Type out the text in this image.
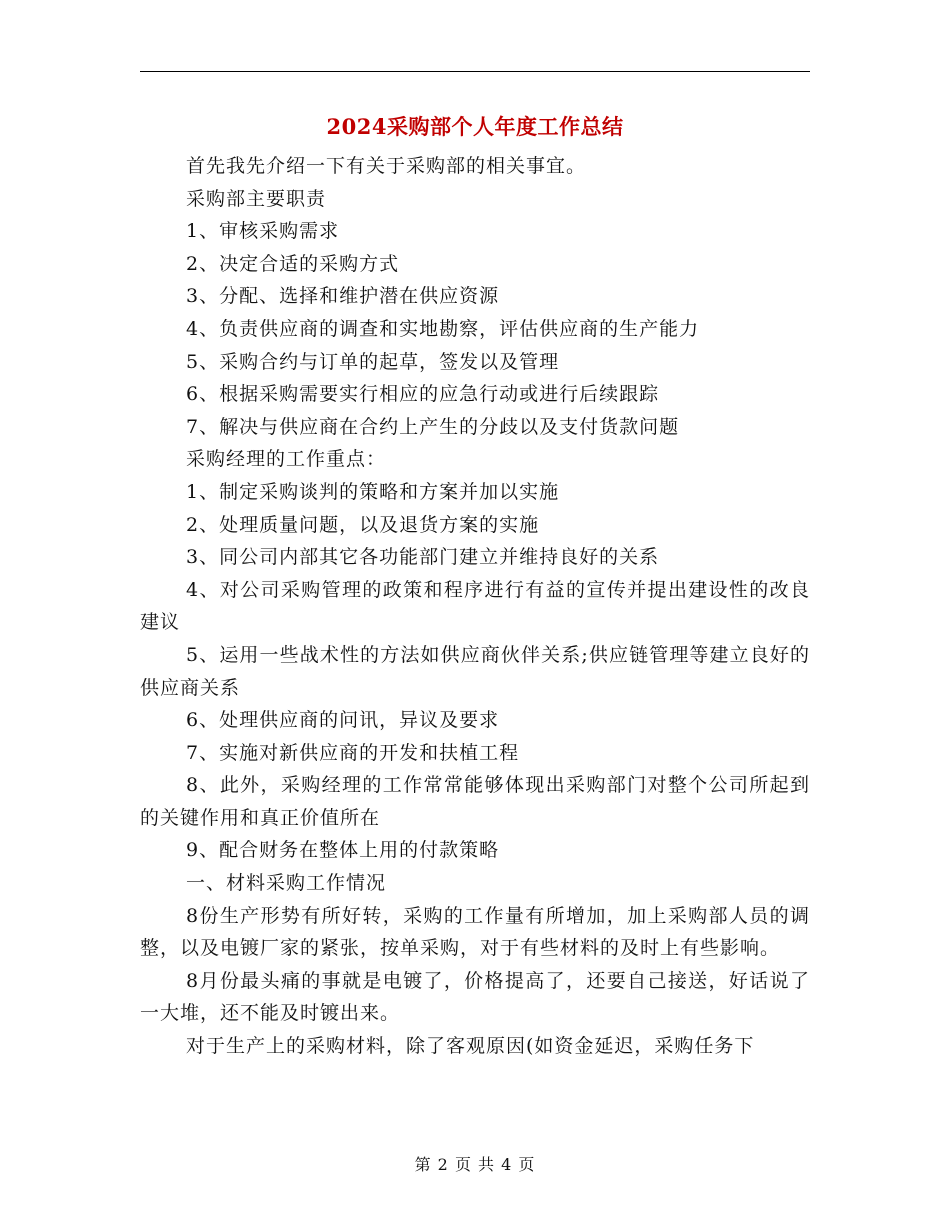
2024采购部个人年度工作总结

首先我先介绍一下有关于采购部的相关事宜。

采购部主要职责

1、审核采购需求

2、决定合适的采购方式

3、分配、选择和维护潜在供应资源

4、负责供应商的调查和实地勘察，评估供应商的生产能力

5、采购合约与订单的起草，签发以及管理

6、根据采购需要实行相应的应急行动或进行后续跟踪

7、解决与供应商在合约上产生的分歧以及支付货款问题

采购经理的工作重点：

1、制定采购谈判的策略和方案并加以实施

2、处理质量问题，以及退货方案的实施

3、同公司内部其它各功能部门建立并维持良好的关系

4、对公司采购管理的政策和程序进行有益的宣传并提出建设性的改良建议

5、运用一些战术性的方法如供应商伙伴关系;供应链管理等建立良好的供应商关系

6、处理供应商的问讯，异议及要求

7、实施对新供应商的开发和扶植工程

8、此外，采购经理的工作常常能够体现出采购部门对整个公司所起到的关键作用和真正价值所在

9、配合财务在整体上用的付款策略

一、材料采购工作情况

8份生产形势有所好转，采购的工作量有所增加，加上采购部人员的调整，以及电镀厂家的紧张，按单采购，对于有些材料的及时上有些影响。

8月份最头痛的事就是电镀了，价格提高了，还要自己接送，好话说了一大堆，还不能及时镀出来。

对于生产上的采购材料，除了客观原因(如资金延迟，采购任务下

第 2 页 共 4 页
